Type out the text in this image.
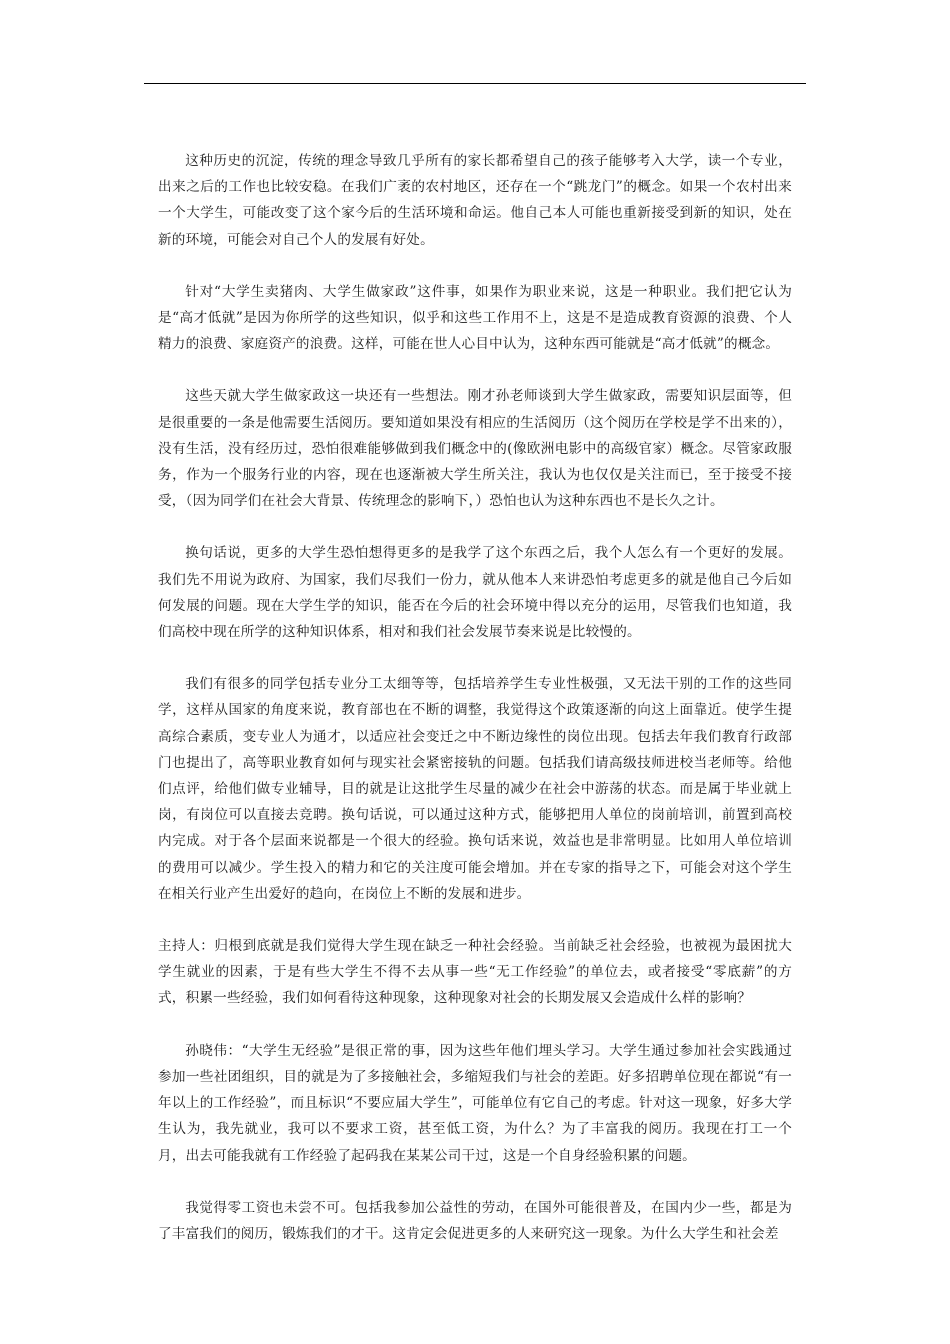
这种历史的沉淀，传统的理念导致几乎所有的家长都希望自己的孩子能够考入大学，读一个专业，出来之后的工作也比较安稳。在我们广袤的农村地区，还存在一个“跳龙门”的概念。如果一个农村出来一个大学生，可能改变了这个家今后的生活环境和命运。他自己本人可能也重新接受到新的知识，处在新的环境，可能会对自己个人的发展有好处。

针对“大学生卖猪肉、大学生做家政”这件事，如果作为职业来说，这是一种职业。我们把它认为是“高才低就”是因为你所学的这些知识，似乎和这些工作用不上，这是不是造成教育资源的浪费、个人精力的浪费、家庭资产的浪费。这样，可能在世人心目中认为，这种东西可能就是“高才低就”的概念。

这些天就大学生做家政这一块还有一些想法。刚才孙老师谈到大学生做家政，需要知识层面等，但是很重要的一条是他需要生活阅历。要知道如果没有相应的生活阅历（这个阅历在学校是学不出来的），没有生活，没有经历过，恐怕很难能够做到我们概念中的(像欧洲电影中的高级官家）概念。尽管家政服务，作为一个服务行业的内容，现在也逐渐被大学生所关注，我认为也仅仅是关注而已，至于接受不接受，（因为同学们在社会大背景、传统理念的影响下，）恐怕也认为这种东西也不是长久之计。

换句话说，更多的大学生恐怕想得更多的是我学了这个东西之后，我个人怎么有一个更好的发展。我们先不用说为政府、为国家，我们尽我们一份力，就从他本人来讲恐怕考虑更多的就是他自己今后如何发展的问题。现在大学生学的知识，能否在今后的社会环境中得以充分的运用，尽管我们也知道，我们高校中现在所学的这种知识体系，相对和我们社会发展节奏来说是比较慢的。

我们有很多的同学包括专业分工太细等等，包括培养学生专业性极强，又无法干别的工作的这些同学，这样从国家的角度来说，教育部也在不断的调整，我觉得这个政策逐渐的向这上面靠近。使学生提高综合素质，变专业人为通才，以适应社会变迁之中不断边缘性的岗位出现。包括去年我们教育行政部门也提出了，高等职业教育如何与现实社会紧密接轨的问题。包括我们请高级技师进校当老师等。给他们点评，给他们做专业辅导，目的就是让这批学生尽量的减少在社会中游荡的状态。而是属于毕业就上岗，有岗位可以直接去竞聘。换句话说，可以通过这种方式，能够把用人单位的岗前培训，前置到高校内完成。对于各个层面来说都是一个很大的经验。换句话来说，效益也是非常明显。比如用人单位培训的费用可以减少。学生投入的精力和它的关注度可能会增加。并在专家的指导之下，可能会对这个学生在相关行业产生出爱好的趋向，在岗位上不断的发展和进步。

主持人：归根到底就是我们觉得大学生现在缺乏一种社会经验。当前缺乏社会经验，也被视为最困扰大学生就业的因素，于是有些大学生不得不去从事一些“无工作经验”的单位去，或者接受“零底薪”的方式，积累一些经验，我们如何看待这种现象，这种现象对社会的长期发展又会造成什么样的影响？

孙晓伟：“大学生无经验”是很正常的事，因为这些年他们埋头学习。大学生通过参加社会实践通过参加一些社团组织，目的就是为了多接触社会，多缩短我们与社会的差距。好多招聘单位现在都说“有一年以上的工作经验”，而且标识“不要应届大学生”，可能单位有它自己的考虑。针对这一现象，好多大学生认为，我先就业，我可以不要求工资，甚至低工资，为什么？为了丰富我的阅历。我现在打工一个月，出去可能我就有工作经验了起码我在某某公司干过，这是一个自身经验积累的问题。

我觉得零工资也未尝不可。包括我参加公益性的劳动，在国外可能很普及，在国内少一些，都是为了丰富我们的阅历，锻炼我们的才干。这肯定会促进更多的人来研究这一现象。为什么大学生和社会差
